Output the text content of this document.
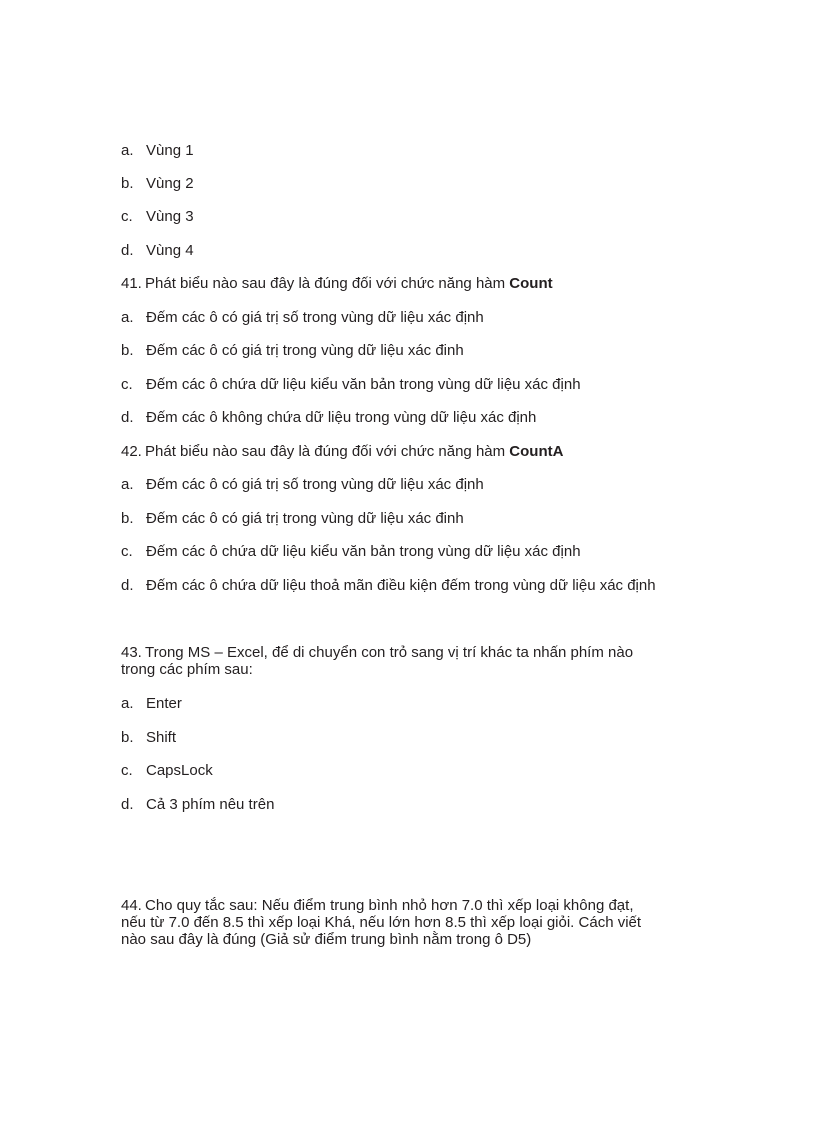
a. Vùng 1
b. Vùng 2
c. Vùng 3
d. Vùng 4
41. Phát biểu nào sau đây là đúng đối với chức năng hàm Count
a. Đếm các ô có giá trị số trong vùng dữ liệu xác định
b. Đếm các ô có giá trị trong vùng dữ liệu xác đinh
c. Đếm các ô chứa dữ liệu kiểu văn bản trong vùng dữ liệu xác định
d. Đếm các ô không chứa dữ liệu trong vùng dữ liệu xác định
42. Phát biểu nào sau đây là đúng đối với chức năng hàm CountA
a. Đếm các ô có giá trị số trong vùng dữ liệu xác định
b. Đếm các ô có giá trị trong vùng dữ liệu xác đinh
c. Đếm các ô chứa dữ liệu kiểu văn bản trong vùng dữ liệu xác định
d. Đếm các ô chứa dữ liệu thoả mãn điều kiện đếm trong vùng dữ liệu xác định
43. Trong MS – Excel, để di chuyển con trỏ sang vị trí khác ta nhấn phím nào
trong các phím sau:
a. Enter
b. Shift
c. CapsLock
d. Cả 3 phím nêu trên
44. Cho quy tắc sau: Nếu điểm trung bình nhỏ hơn 7.0 thì xếp loại không đạt,
nếu từ 7.0 đến 8.5 thì xếp loại Khá, nếu lớn hơn 8.5 thì xếp loại giỏi. Cách viết
nào sau đây là đúng (Giả sử điểm trung bình nằm trong ô D5)
